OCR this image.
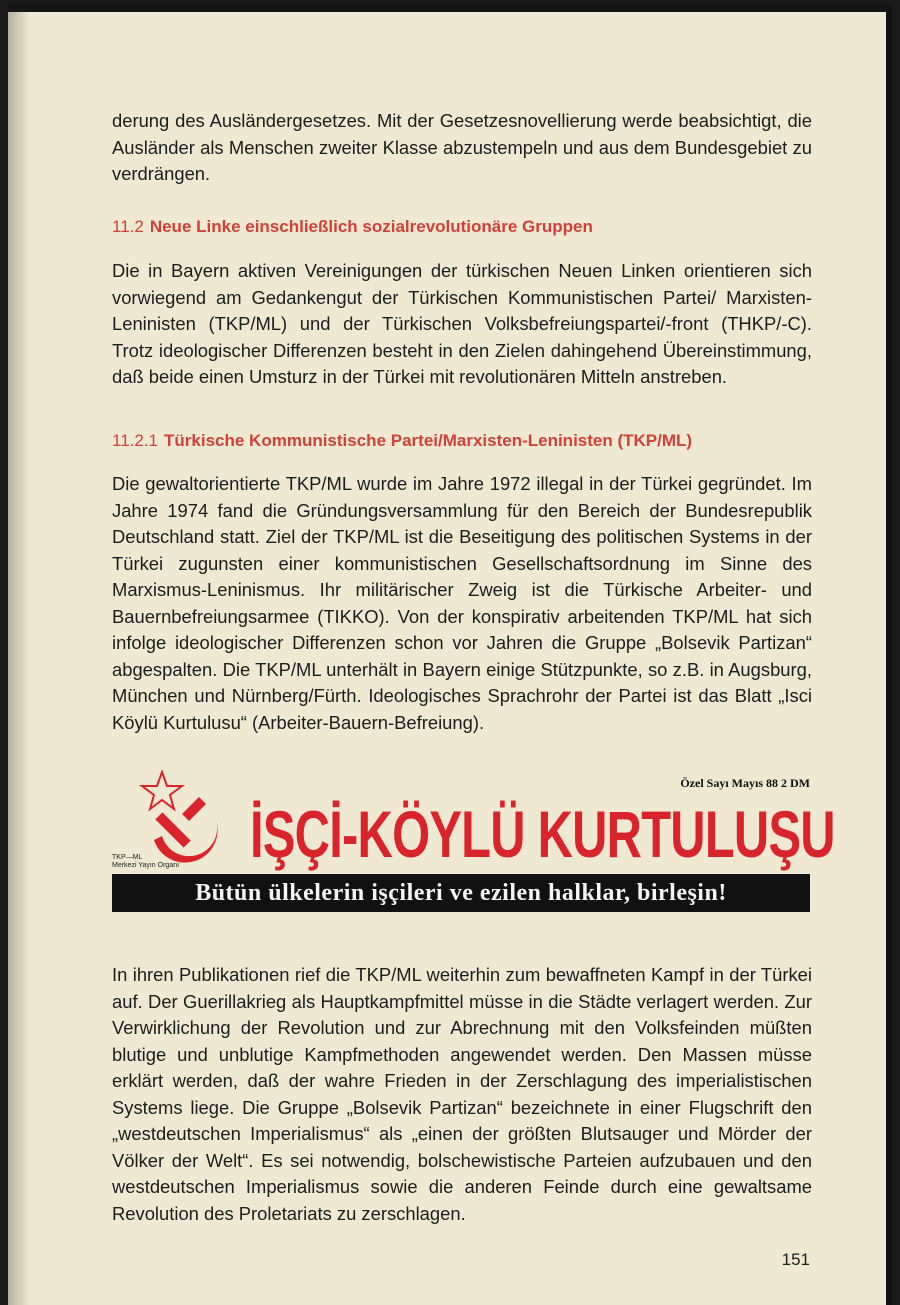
derung des Ausländergesetzes. Mit der Gesetzesnovellierung werde beabsichtigt, die Ausländer als Menschen zweiter Klasse abzustempeln und aus dem Bundesgebiet zu verdrängen.

11.2 Neue Linke einschließlich sozialrevolutionäre Gruppen

Die in Bayern aktiven Vereinigungen der türkischen Neuen Linken orientieren sich vorwiegend am Gedankengut der Türkischen Kommunistischen Partei/ Marxisten-Leninisten (TKP/ML) und der Türkischen Volksbefreiungspartei/-front (THKP/-C). Trotz ideologischer Differenzen besteht in den Zielen dahingehend Übereinstimmung, daß beide einen Umsturz in der Türkei mit revolutionären Mitteln anstreben.

11.2.1 Türkische Kommunistische Partei/Marxisten-Leninisten (TKP/ML)

Die gewaltorientierte TKP/ML wurde im Jahre 1972 illegal in der Türkei gegründet. Im Jahre 1974 fand die Gründungsversammlung für den Bereich der Bundesrepublik Deutschland statt. Ziel der TKP/ML ist die Beseitigung des politischen Systems in der Türkei zugunsten einer kommunistischen Gesellschaftsordnung im Sinne des Marxismus-Leninismus. Ihr militärischer Zweig ist die Türkische Arbeiter- und Bauernbefreiungsarmee (TIKKO). Von der konspirativ arbeitenden TKP/ML hat sich infolge ideologischer Differenzen schon vor Jahren die Gruppe „Bolsevik Partizan“ abgespalten. Die TKP/ML unterhält in Bayern einige Stützpunkte, so z.B. in Augsburg, München und Nürnberg/Fürth. Ideologisches Sprachrohr der Partei ist das Blatt „Isci Köylü Kurtulusu“ (Arbeiter-Bauern-Befreiung).

TKP—ML
Merkezi Yayın Organı
Özel Sayı Mayıs 88 2 DM
İŞÇİ-KÖYLÜ KURTULUŞU
Bütün ülkelerin işçileri ve ezilen halklar, birleşin!

In ihren Publikationen rief die TKP/ML weiterhin zum bewaffneten Kampf in der Türkei auf. Der Guerillakrieg als Hauptkampfmittel müsse in die Städte verlagert werden. Zur Verwirklichung der Revolution und zur Abrechnung mit den Volksfeinden müßten blutige und unblutige Kampfmethoden angewendet werden. Den Massen müsse erklärt werden, daß der wahre Frieden in der Zerschlagung des imperialistischen Systems liege. Die Gruppe „Bolsevik Partizan“ bezeichnete in einer Flugschrift den „westdeutschen Imperialismus“ als „einen der größten Blutsauger und Mörder der Völker der Welt“. Es sei notwendig, bolschewistische Parteien aufzubauen und den westdeutschen Imperialismus sowie die anderen Feinde durch eine gewaltsame Revolution des Proletariats zu zerschlagen.

151
